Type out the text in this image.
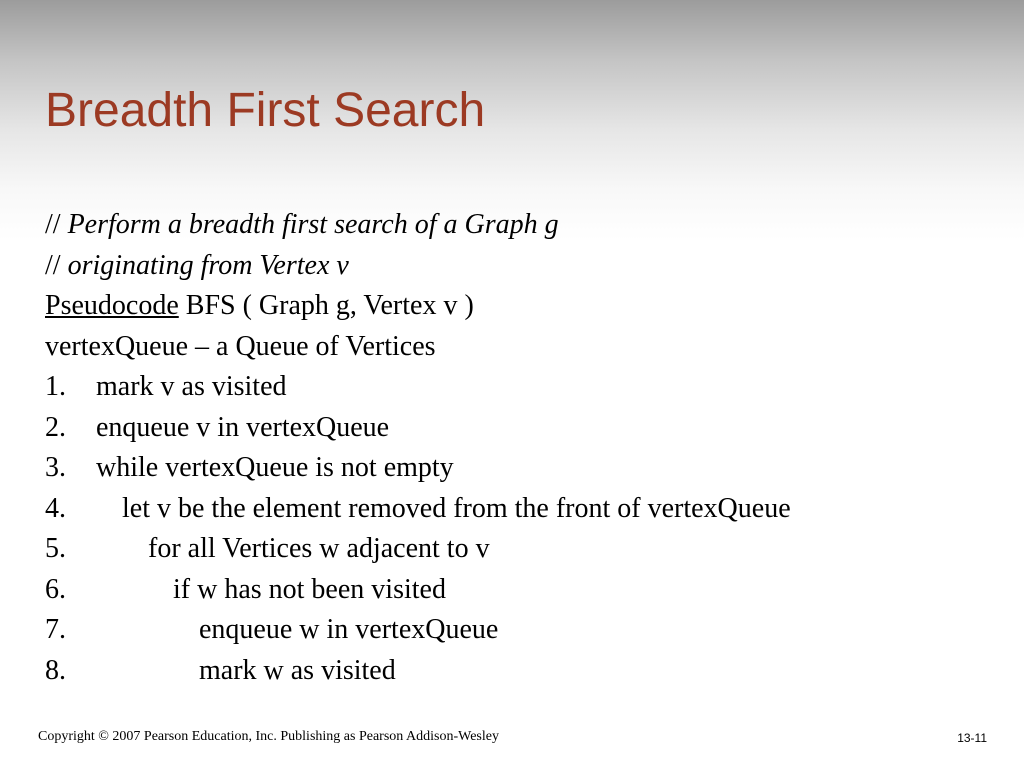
Breadth First Search
// Perform a breadth first search of a Graph g
// originating from Vertex v
Pseudocode BFS ( Graph g, Vertex v )
vertexQueue – a Queue of Vertices
1. mark v as visited
2. enqueue v in vertexQueue
3. while vertexQueue is not empty
4. let v be the element removed from the front of vertexQueue
5.	for all Vertices w adjacent to v
6.	if w has not been visited
7.	enqueue w in vertexQueue
8.	mark w as visited
Copyright © 2007 Pearson Education, Inc. Publishing as Pearson Addison-Wesley	13-11
